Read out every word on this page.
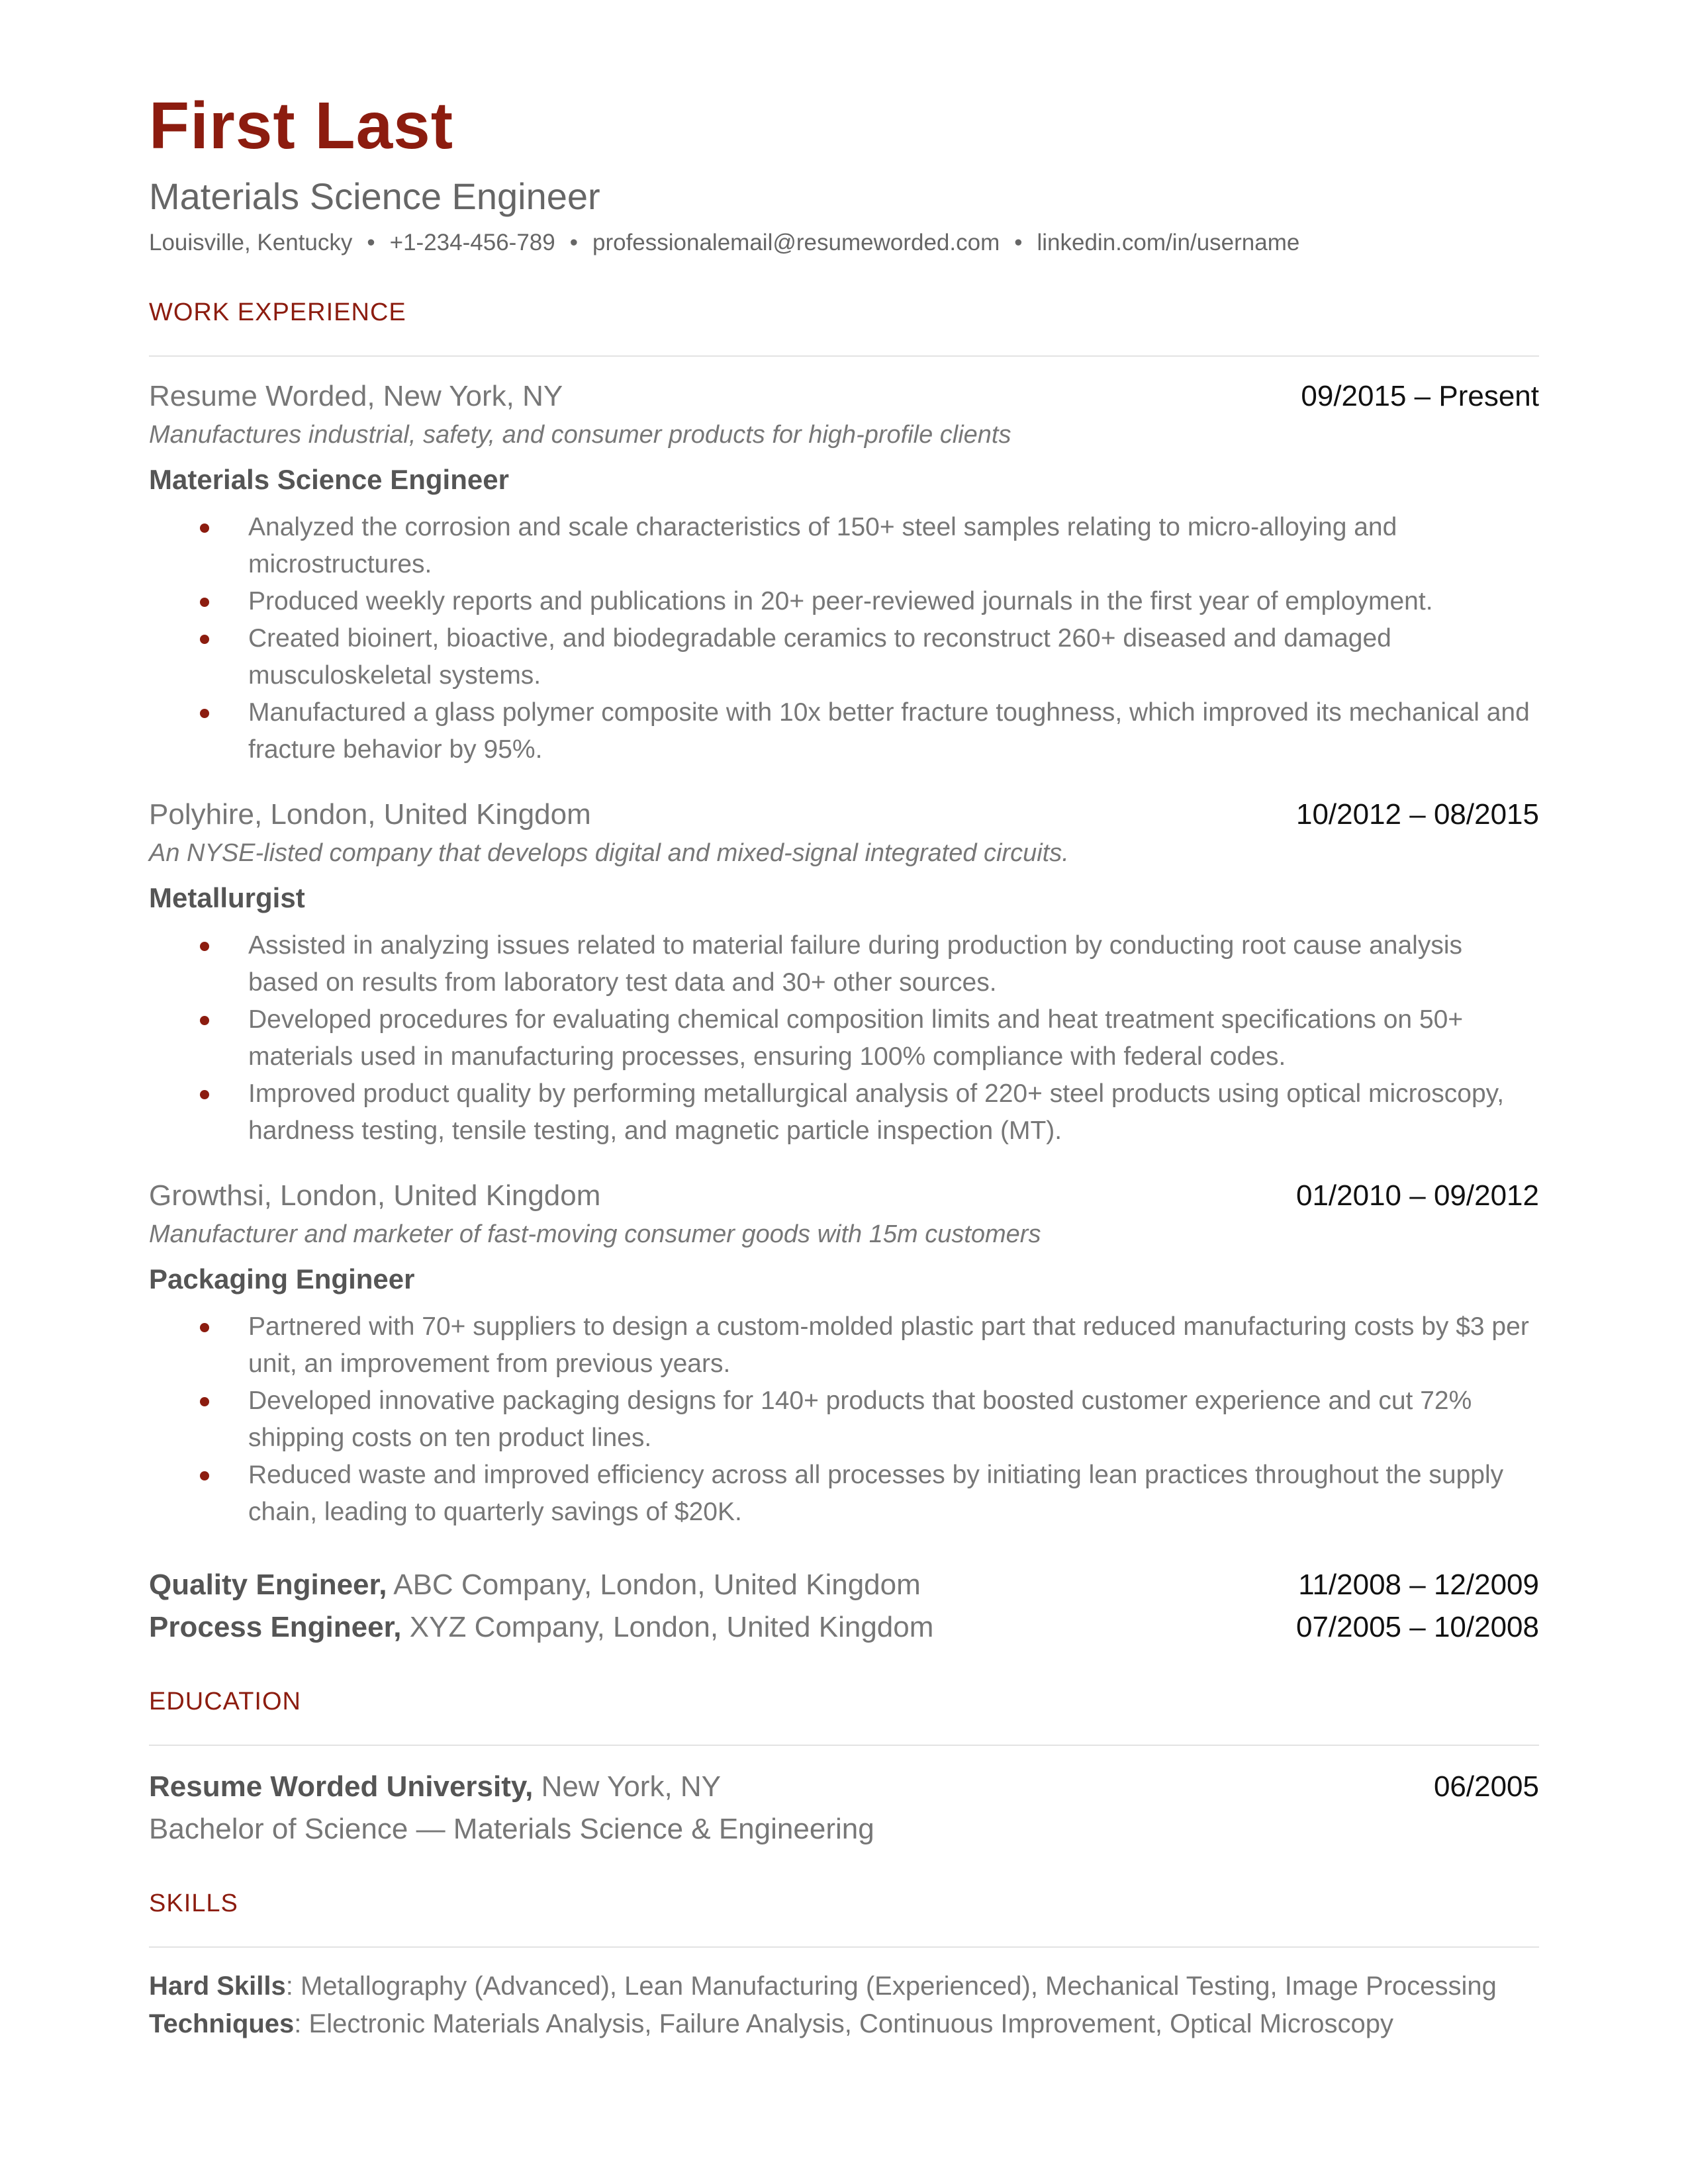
First Last
Materials Science Engineer
Louisville, Kentucky • +1-234-456-789 • professionalemail@resumeworded.com • linkedin.com/in/username
WORK EXPERIENCE
Resume Worded, New York, NY	09/2015 – Present
Manufactures industrial, safety, and consumer products for high-profile clients
Materials Science Engineer
Analyzed the corrosion and scale characteristics of 150+ steel samples relating to micro-alloying and microstructures.
Produced weekly reports and publications in 20+ peer-reviewed journals in the first year of employment.
Created bioinert, bioactive, and biodegradable ceramics to reconstruct 260+ diseased and damaged musculoskeletal systems.
Manufactured a glass polymer composite with 10x better fracture toughness, which improved its mechanical and fracture behavior by 95%.
Polyhire, London, United Kingdom	10/2012 – 08/2015
An NYSE-listed company that develops digital and mixed-signal integrated circuits.
Metallurgist
Assisted in analyzing issues related to material failure during production by conducting root cause analysis based on results from laboratory test data and 30+ other sources.
Developed procedures for evaluating chemical composition limits and heat treatment specifications on 50+ materials used in manufacturing processes, ensuring 100% compliance with federal codes.
Improved product quality by performing metallurgical analysis of 220+ steel products using optical microscopy, hardness testing, tensile testing, and magnetic particle inspection (MT).
Growthsi, London, United Kingdom	01/2010 – 09/2012
Manufacturer and marketer of fast-moving consumer goods with 15m customers
Packaging Engineer
Partnered with 70+ suppliers to design a custom-molded plastic part that reduced manufacturing costs by $3 per unit, an improvement from previous years.
Developed innovative packaging designs for 140+ products that boosted customer experience and cut 72% shipping costs on ten product lines.
Reduced waste and improved efficiency across all processes by initiating lean practices throughout the supply chain, leading to quarterly savings of $20K.
Quality Engineer, ABC Company, London, United Kingdom	11/2008 – 12/2009
Process Engineer, XYZ Company, London, United Kingdom	07/2005 – 10/2008
EDUCATION
Resume Worded University, New York, NY	06/2005
Bachelor of Science — Materials Science & Engineering
SKILLS
Hard Skills: Metallography (Advanced), Lean Manufacturing (Experienced), Mechanical Testing, Image Processing
Techniques: Electronic Materials Analysis, Failure Analysis, Continuous Improvement, Optical Microscopy
